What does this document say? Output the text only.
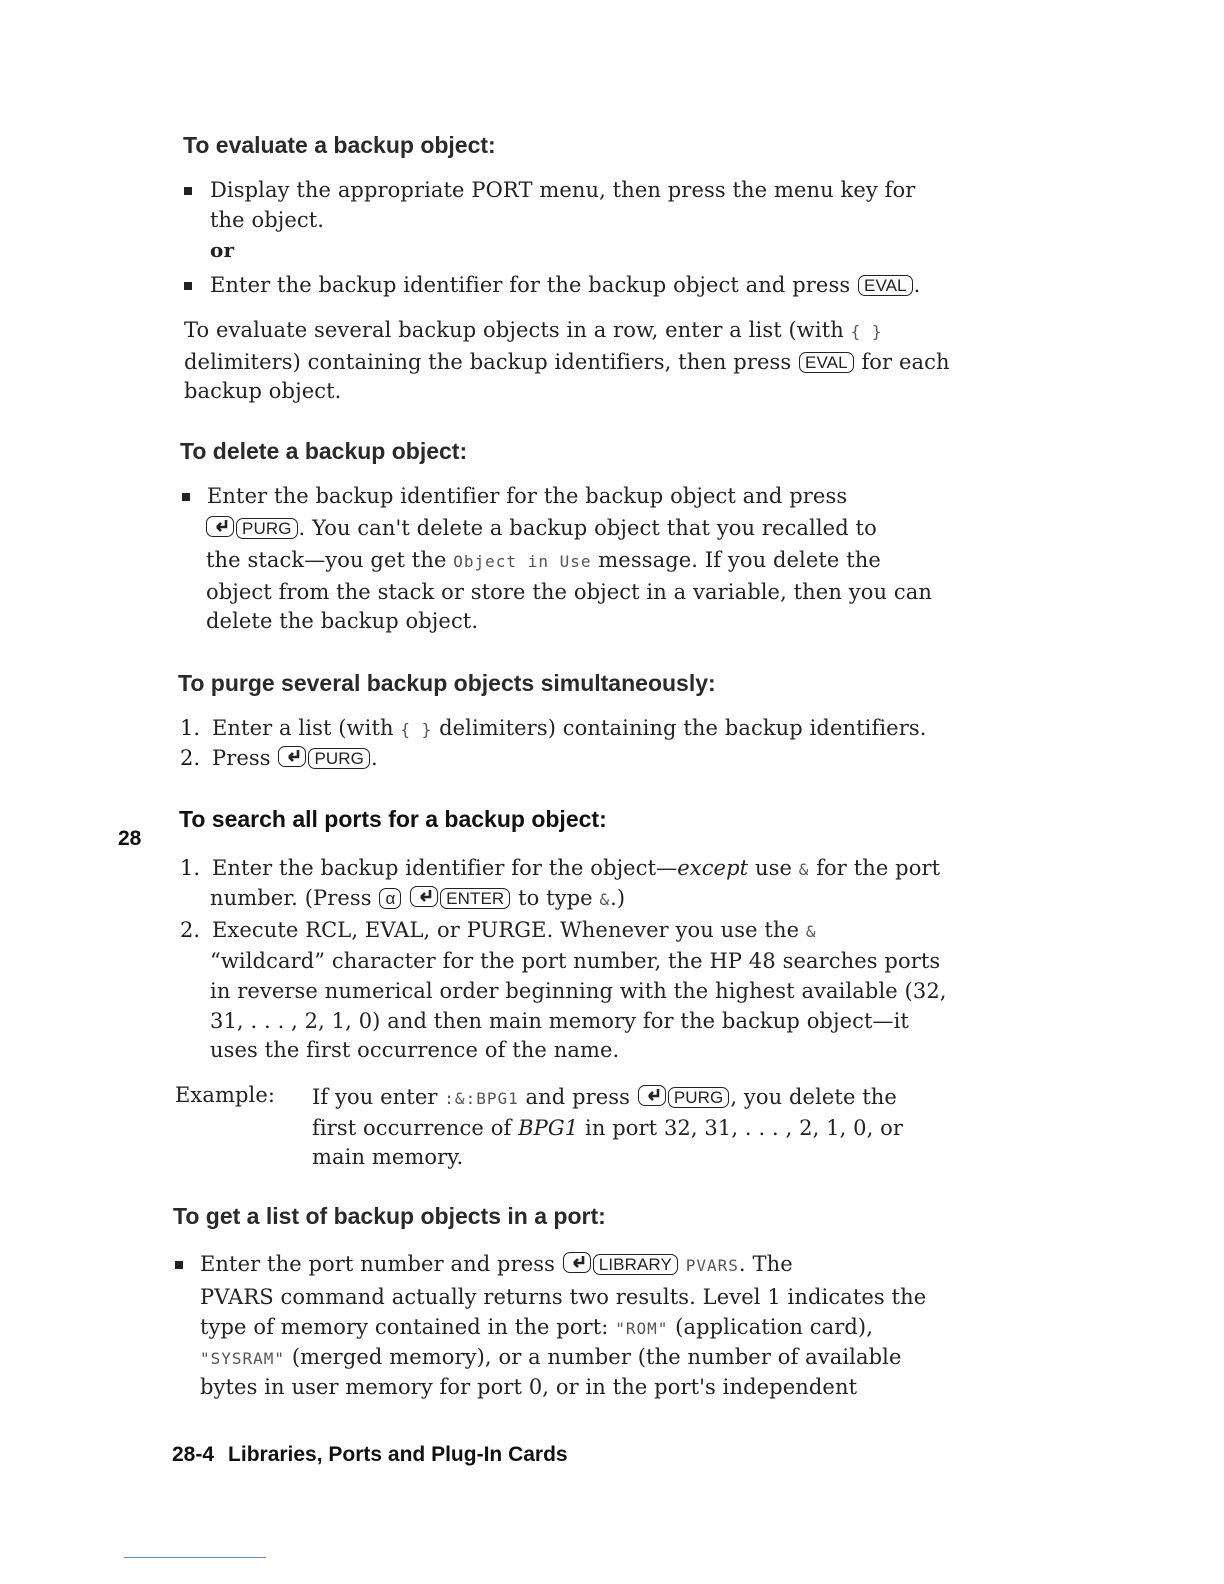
28
To evaluate a backup object:

Display the appropriate PORT menu, then press the menu key for

the object.

or

Enter the backup identifier for the backup object and press EVAL .

To evaluate several backup objects in a row, enter a list (with { }

delimiters) containing the backup identifiers, then press EVAL for each

backup object.

To delete a backup object:

Enter the backup identifier for the backup object and press

PURG . You can't delete a backup object that you recalled to

the stack—you get the Object in Use message. If you delete the

object from the stack or store the object in a variable, then you can

delete the backup object.

To purge several backup objects simultaneously:
1. Enter a list (with { } delimiters) containing the backup identifiers.

2. Press	PURG .

To search all ports for a backup object:
1. Enter the backup identifier for the object—except use & for the port

number. (Press α	ENTER to type &.)

2. Execute RCL, EVAL, or PURGE. Whenever you use the &

“wildcard” character for the port number, the HP 48 searches ports

in reverse numerical order beginning with the highest available (32,

31, . . . , 2, 1, 0) and then main memory for the backup object—it

uses the first occurrence of the name.

Example: If you enter :&:BPG1 and press	PURG , you delete the

first occurrence of BPG1 in port 32, 31, . . . , 2, 1, 0, or

main memory.

To get a list of backup objects in a port:

Enter the port number and press	LIBRARY PVARS. The

PVARS command actually returns two results. Level 1 indicates the

type of memory contained in the port: "ROM" (application card),

"SYSRAM" (merged memory), or a number (the number of available

bytes in user memory for port 0, or in the port's independent

28-4 Libraries, Ports and Plug-In Cards
